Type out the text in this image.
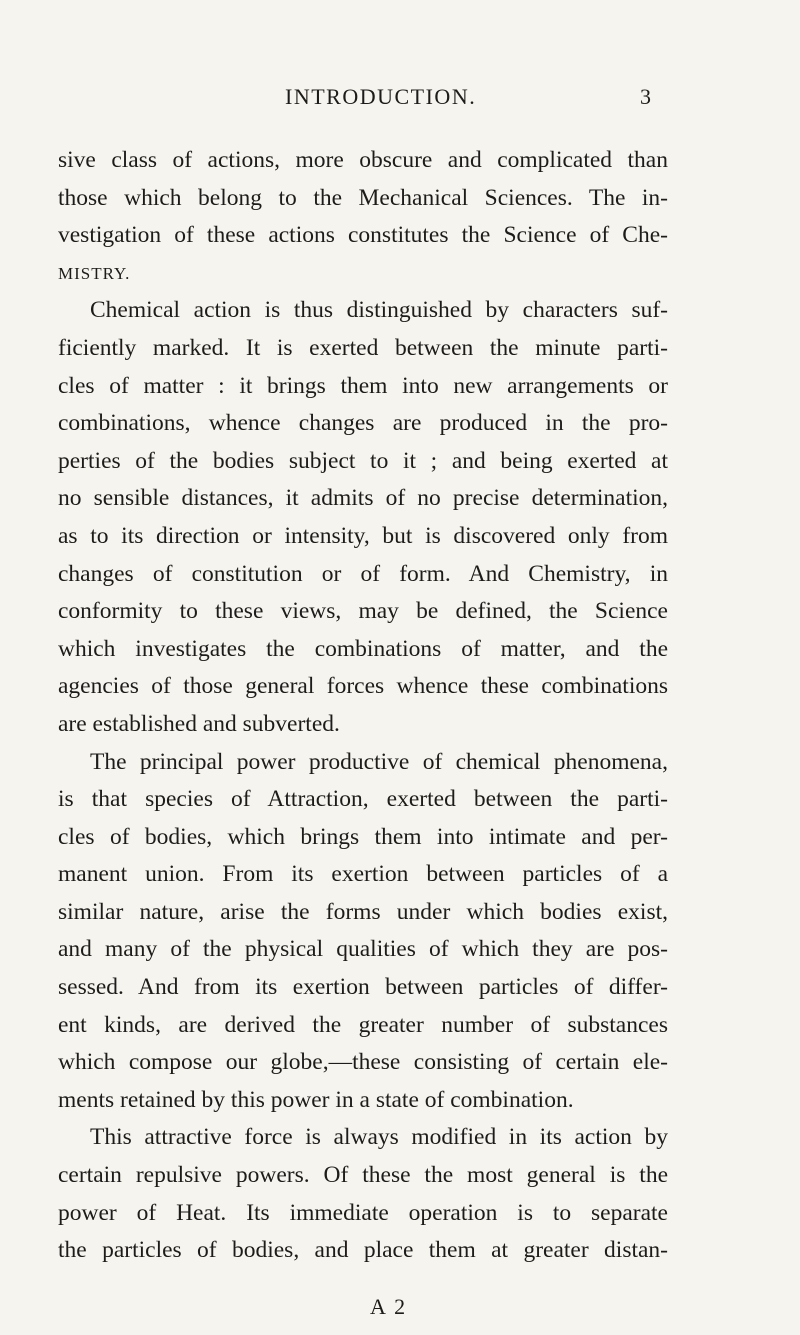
INTRODUCTION.	3
sive class of actions, more obscure and complicated than
those which belong to the Mechanical Sciences. The in-
vestigation of these actions constitutes the Science of Che-
MISTRY.
Chemical action is thus distinguished by characters suf-
ficiently marked. It is exerted between the minute parti-
cles of matter : it brings them into new arrangements or
combinations, whence changes are produced in the pro-
perties of the bodies subject to it ; and being exerted at
no sensible distances, it admits of no precise determination,
as to its direction or intensity, but is discovered only from
changes of constitution or of form. And Chemistry, in
conformity to these views, may be defined, the Science
which investigates the combinations of matter, and the
agencies of those general forces whence these combinations
are established and subverted.
The principal power productive of chemical phenomena,
is that species of Attraction, exerted between the parti-
cles of bodies, which brings them into intimate and per-
manent union. From its exertion between particles of a
similar nature, arise the forms under which bodies exist,
and many of the physical qualities of which they are pos-
sessed. And from its exertion between particles of differ-
ent kinds, are derived the greater number of substances
which compose our globe,—these consisting of certain ele-
ments retained by this power in a state of combination.
This attractive force is always modified in its action by
certain repulsive powers. Of these the most general is the
power of Heat. Its immediate operation is to separate
the particles of bodies, and place them at greater distan-
A 2
